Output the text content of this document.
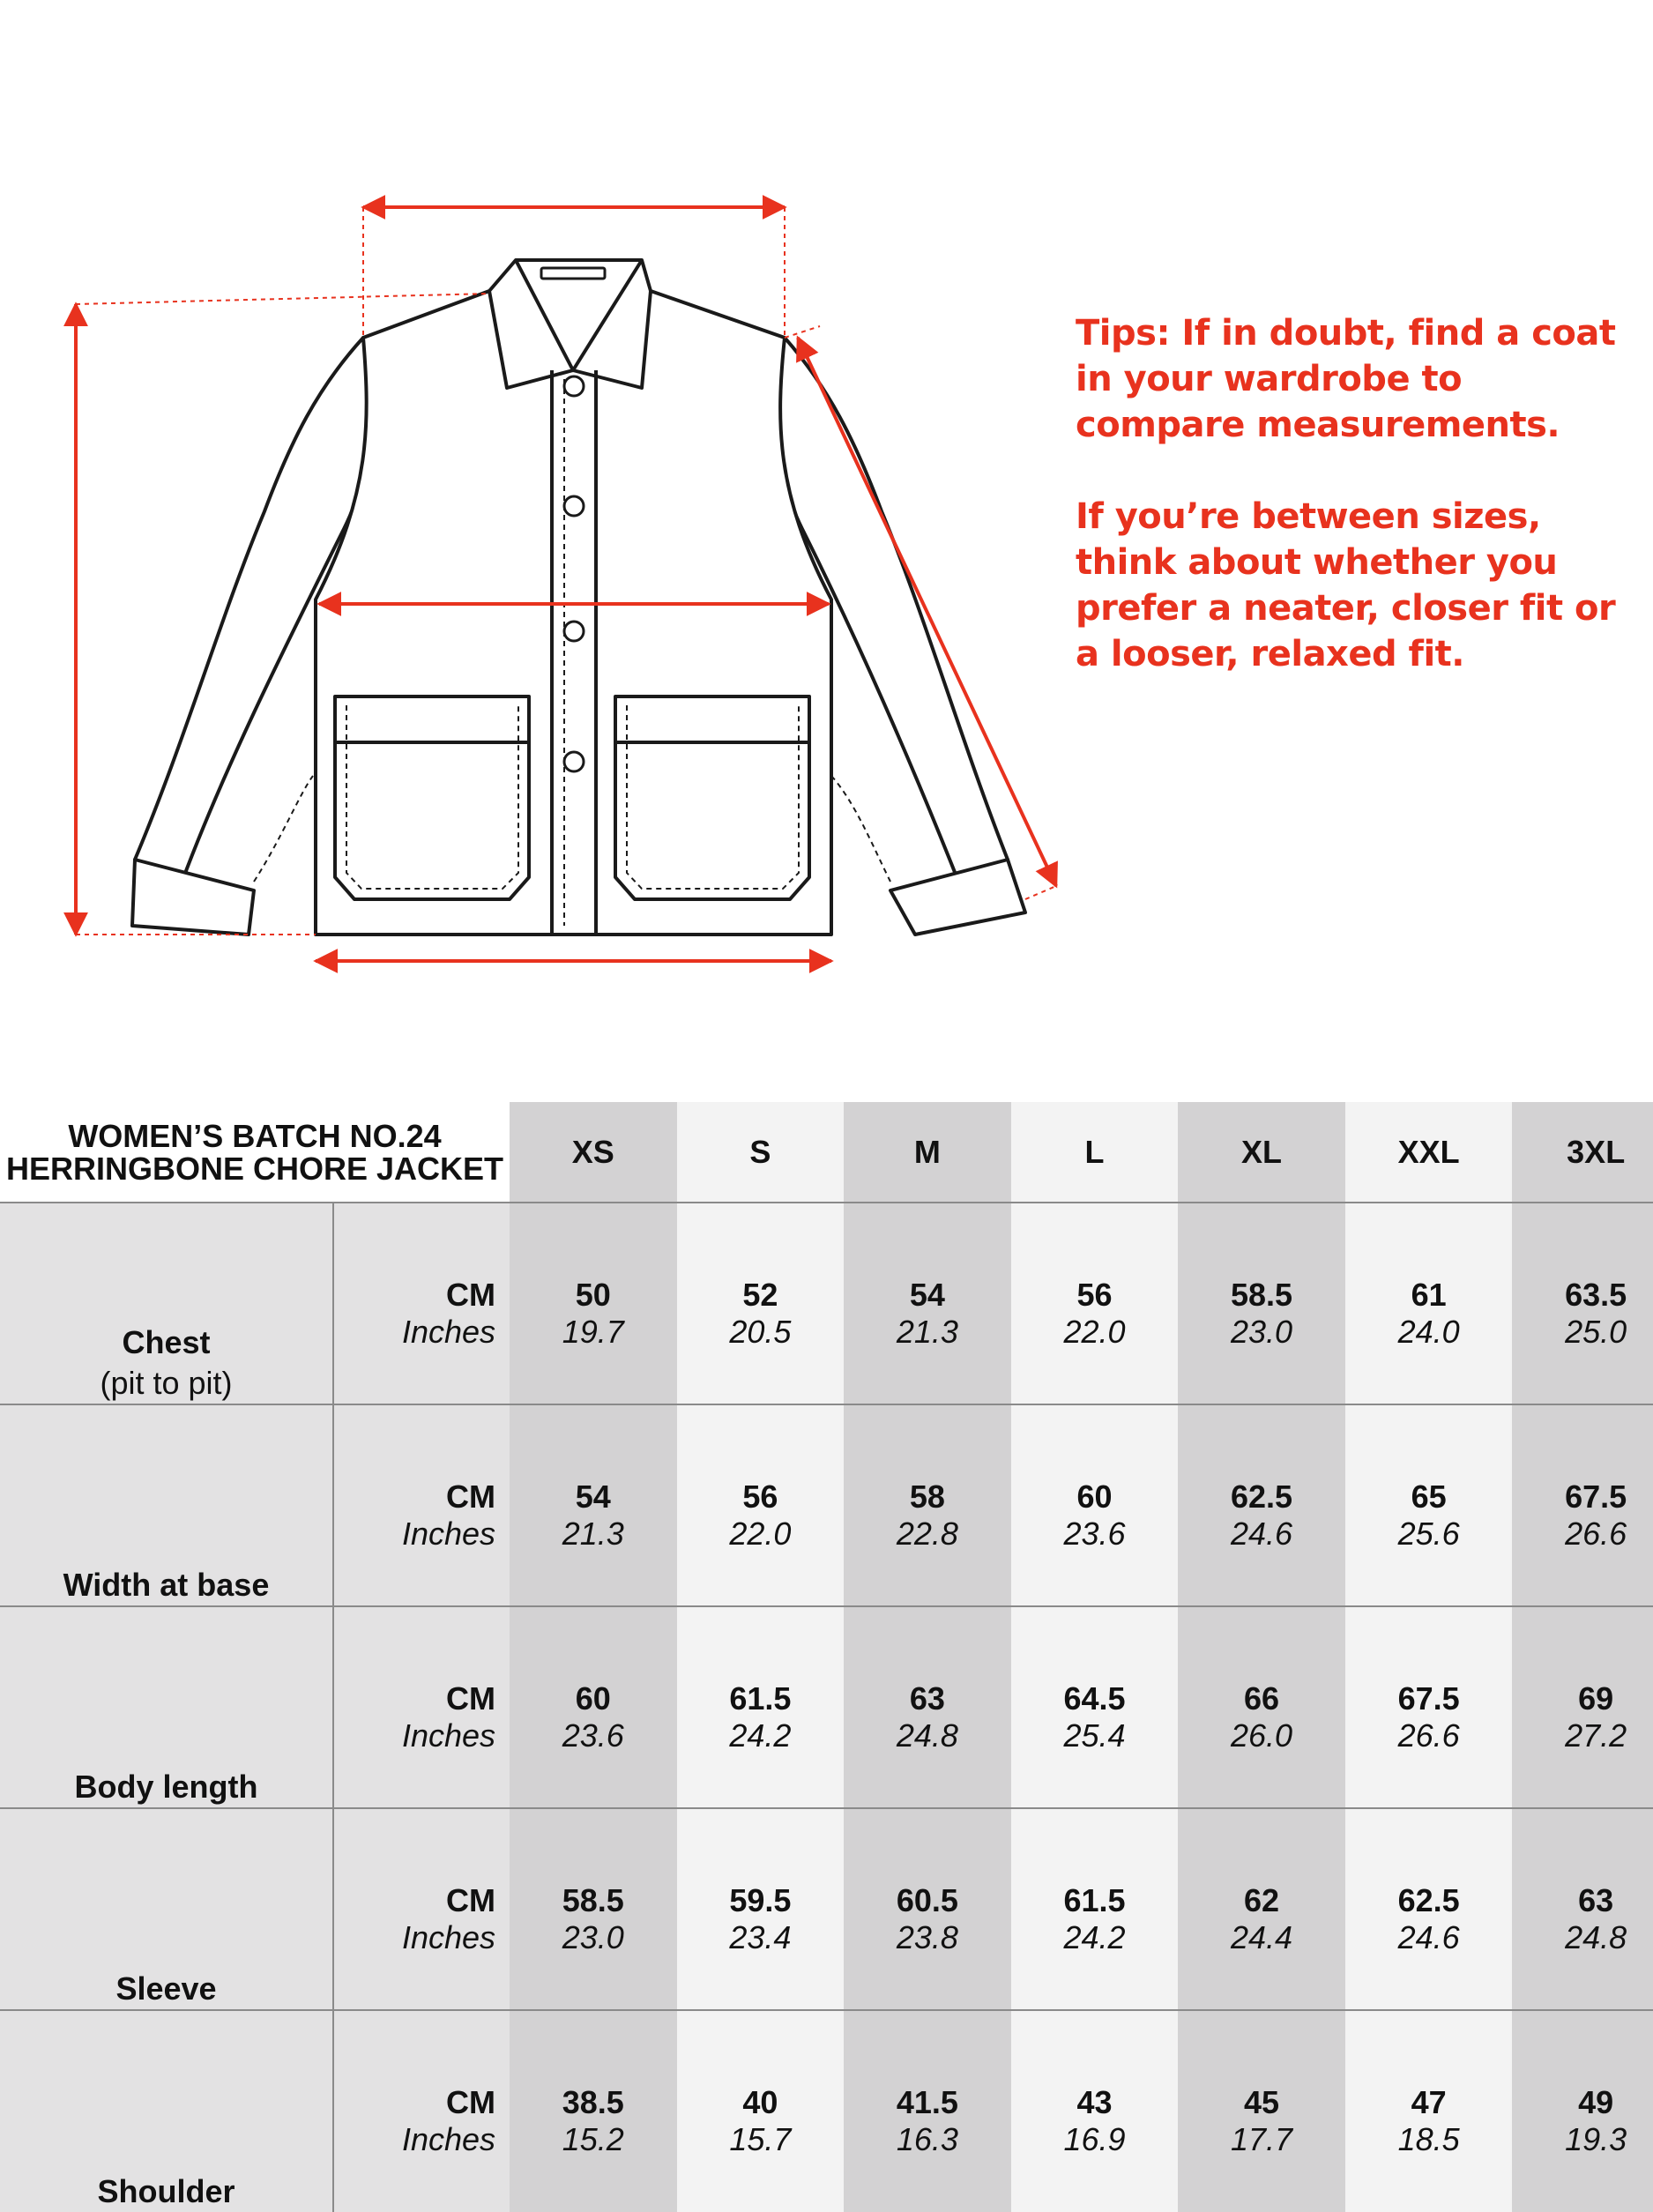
Tips: If in doubt, find a coat in your wardrobe to compare measurements.

If you’re between sizes, think about whether you prefer a neater, closer fit or a looser, relaxed fit.

WOMEN’S BATCH NO.24
HERRINGBONE CHORE JACKET		XS	S	M	L	XL	XXL	3XL
Chest
(pit to pit)	CM	50	52	54	56	58.5	61	63.5
	Inches	19.7	20.5	21.3	22.0	23.0	24.0	25.0
Width at base	CM	54	56	58	60	62.5	65	67.5
	Inches	21.3	22.0	22.8	23.6	24.6	25.6	26.6
Body length	CM	60	61.5	63	64.5	66	67.5	69
	Inches	23.6	24.2	24.8	25.4	26.0	26.6	27.2
Sleeve	CM	58.5	59.5	60.5	61.5	62	62.5	63
	Inches	23.0	23.4	23.8	24.2	24.4	24.6	24.8
Shoulder	CM	38.5	40	41.5	43	45	47	49
	Inches	15.2	15.7	16.3	16.9	17.7	18.5	19.3
